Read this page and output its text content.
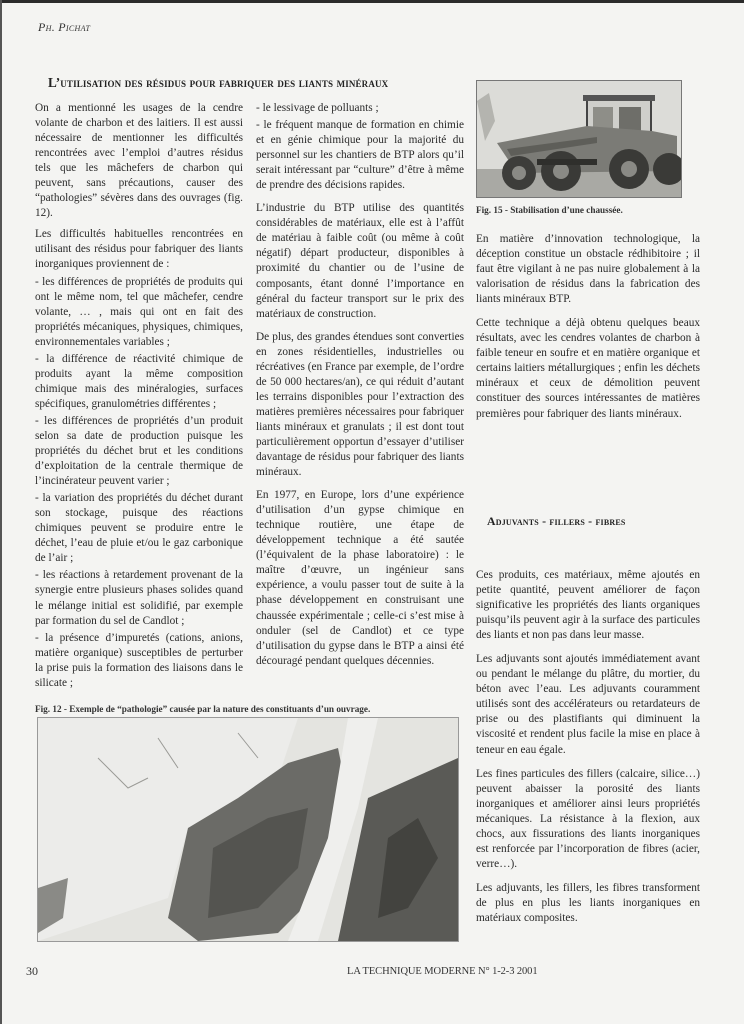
Ph. Pichat
L’utilisation des résidus pour fabriquer des liants minéraux

On a mentionné les usages de la cendre volante de charbon et des laitiers. Il est aussi nécessaire de mentionner les difficultés rencontrées avec l’emploi d’autres résidus tels que les mâchefers de charbon qui peuvent, sans précautions, causer des “pathologies” sévères dans des ouvrages (fig. 12).

Les difficultés habituelles rencontrées en utilisant des résidus pour fabriquer des liants inorganiques proviennent de :

- les différences de propriétés de produits qui ont le même nom, tel que mâchefer, cendre volante, … , mais qui ont en fait des propriétés mécaniques, physiques, chimiques, environnementales variables ;

- la différence de réactivité chimique de produits ayant la même composition chimique mais des minéralogies, surfaces spécifiques, granulométries différentes ;

- les différences de propriétés d’un produit selon sa date de production puisque les propriétés du déchet brut et les conditions d’exploitation de la centrale thermique de l’incinérateur peuvent varier ;

- la variation des propriétés du déchet durant son stockage, puisque des réactions chimiques peuvent se produire entre le déchet, l’eau de pluie et/ou le gaz carbonique de l’air ;

- les réactions à retardement provenant de la synergie entre plusieurs phases solides quand le mélange initial est solidifié, par exemple par formation du sel de Candlot ;

- la présence d’impuretés (cations, anions, matière organique) susceptibles de perturber la prise puis la formation des liaisons dans le silicate ;

- le lessivage de polluants ;

- le fréquent manque de formation en chimie et en génie chimique pour la majorité du personnel sur les chantiers de BTP alors qu’il serait intéressant par “culture” d’être à même de prendre des décisions rapides.

L’industrie du BTP utilise des quantités considérables de matériaux, elle est à l’affût de matériau à faible coût (ou même à coût négatif) départ producteur, disponibles à proximité du chantier ou de l’usine de composants, étant donné l’importance en général du facteur transport sur le prix des matériaux de construction.

De plus, des grandes étendues sont converties en zones résidentielles, industrielles ou récréatives (en France par exemple, de l’ordre de 50 000 hectares/an), ce qui réduit d’autant les terrains disponibles pour l’extraction des matières premières nécessaires pour fabriquer liants minéraux et granulats ; il est dont tout particulièrement opportun d’essayer d’utiliser davantage de résidus pour fabriquer des liants minéraux.

En 1977, en Europe, lors d’une expérience d’utilisation d’un gypse chimique en technique routière, une étape de développement technique a été sautée (l’équivalent de la phase laboratoire) : le maître d’œuvre, un ingénieur sans expérience, a voulu passer tout de suite à la phase développement en construisant une chaussée expérimentale ; celle-ci s’est mise à onduler (sel de Candlot) et ce type d’utilisation du gypse dans le BTP a ainsi été découragé pendant quelques décennies.

Fig. 15 - Stabilisation d’une chaussée.

En matière d’innovation technologique, la déception constitue un obstacle rédhibitoire ; il faut être vigilant à ne pas nuire globalement à la valorisation de résidus dans la fabrication des liants minéraux BTP.

Cette technique a déjà obtenu quelques beaux résultats, avec les cendres volantes de charbon à faible teneur en soufre et en matière organique et certains laitiers métallurgiques ; enfin les déchets minéraux et ceux de démolition peuvent constituer des sources intéressantes de matières premières pour fabriquer des liants minéraux.

Adjuvants - fillers - fibres

Ces produits, ces matériaux, même ajoutés en petite quantité, peuvent améliorer de façon significative les propriétés des liants organiques puisqu’ils peuvent agir à la surface des particules des liants et non pas dans leur masse.

Les adjuvants sont ajoutés immédiatement avant ou pendant le mélange du plâtre, du mortier, du béton avec l’eau. Les adjuvants couramment utilisés sont des accélérateurs ou retardateurs de prise ou des plastifiants qui diminuent la viscosité et rendent plus facile la mise en place à teneur en eau égale.

Les fines particules des fillers (calcaire, silice…) peuvent abaisser la porosité des liants inorganiques et améliorer ainsi leurs propriétés mécaniques. La résistance à la flexion, aux chocs, aux fissurations des liants inorganiques est renforcée par l’incorporation de fibres (acier, verre…).

Les adjuvants, les fillers, les fibres transforment de plus en plus les liants inorganiques en matériaux composites.

Fig. 12 - Exemple de “pathologie” causée par la nature des constituants d’un ouvrage.
30	LA TECHNIQUE MODERNE N° 1-2-3 2001
